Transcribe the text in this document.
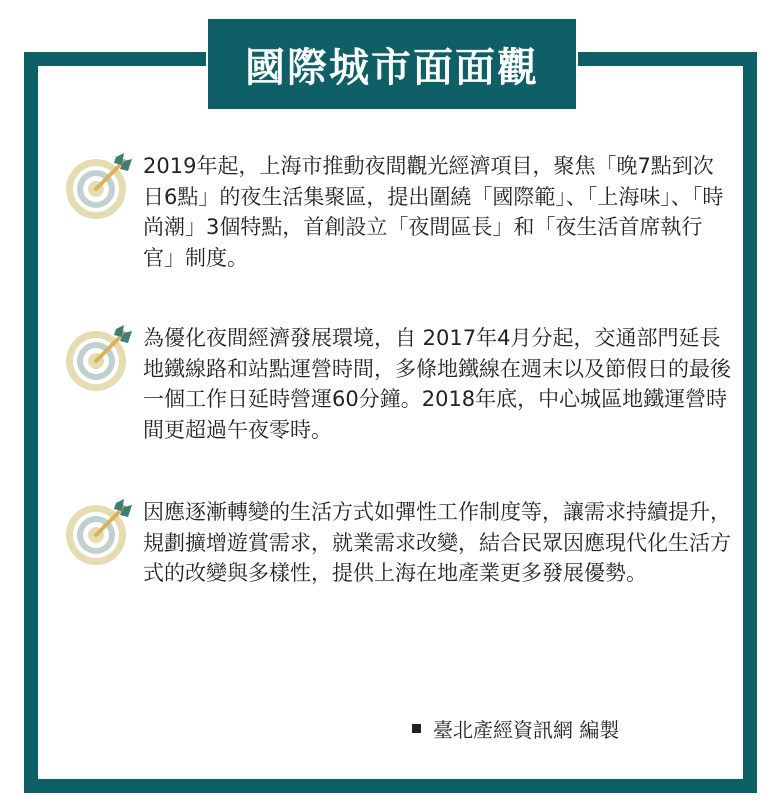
國際城市面面觀

2019年起，上海市推動夜間觀光經濟項目，聚焦「晚7點到次日6點」的夜生活集聚區，提出圍繞「國際範」、「上海味」、「時尚潮」3個特點，首創設立「夜間區長」和「夜生活首席執行官」制度。

為優化夜間經濟發展環境，自 2017年4月分起，交通部門延長地鐵線路和站點運營時間，多條地鐵線在週末以及節假日的最後一個工作日延時營運60分鐘。2018年底，中心城區地鐵運營時間更超過午夜零時。

因應逐漸轉變的生活方式如彈性工作制度等，讓需求持續提升，規劃擴增遊賞需求，就業需求改變，結合民眾因應現代化生活方式的改變與多樣性，提供上海在地產業更多發展優勢。

臺北產經資訊網 編製
